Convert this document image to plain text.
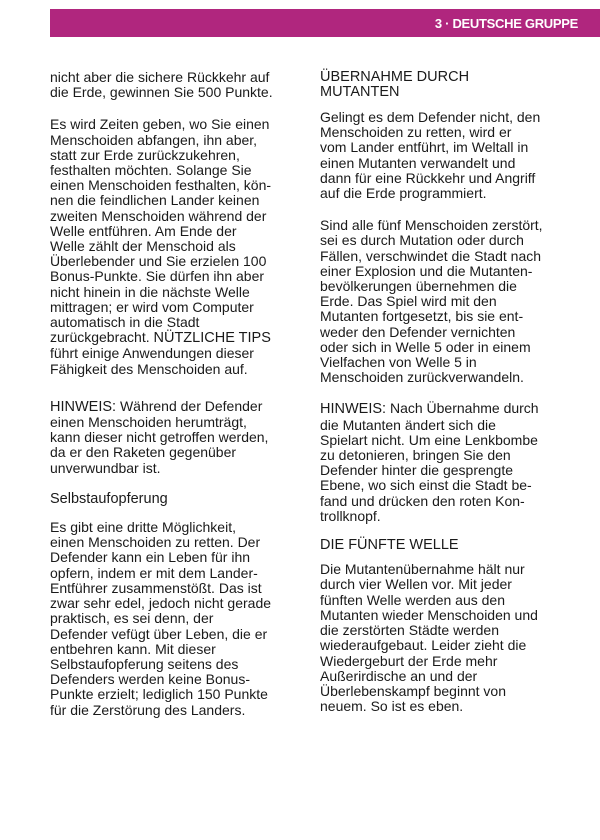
3 · DEUTSCHE GRUPPE

nicht aber die sichere Rückkehr auf
die Erde, gewinnen Sie 500 Punkte.

Es wird Zeiten geben, wo Sie einen
Menschoiden abfangen, ihn aber,
statt zur Erde zurückzukehren,
festhalten möchten. Solange Sie
einen Menschoiden festhalten, kön-
nen die feindlichen Lander keinen
zweiten Menschoiden während der
Welle entführen. Am Ende der
Welle zählt der Menschoid als
Überlebender und Sie erzielen 100
Bonus-Punkte. Sie dürfen ihn aber
nicht hinein in die nächste Welle
mittragen; er wird vom Computer
automatisch in die Stadt
zurückgebracht. NÜTZLICHE TIPS
führt einige Anwendungen dieser
Fähigkeit des Menschoiden auf.

HINWEIS: Während der Defender
einen Menschoiden herumträgt,
kann dieser nicht getroffen werden,
da er den Raketen gegenüber
unverwundbar ist.

Selbstaufopferung

Es gibt eine dritte Möglichkeit,
einen Menschoiden zu retten. Der
Defender kann ein Leben für ihn
opfern, indem er mit dem Lander-
Entführer zusammenstößt. Das ist
zwar sehr edel, jedoch nicht gerade
praktisch, es sei denn, der
Defender vefügt über Leben, die er
entbehren kann. Mit dieser
Selbstaufopferung seitens des
Defenders werden keine Bonus-
Punkte erzielt; lediglich 150 Punkte
für die Zerstörung des Landers.

ÜBERNAHME DURCH
MUTANTEN

Gelingt es dem Defender nicht, den
Menschoiden zu retten, wird er
vom Lander entführt, im Weltall in
einen Mutanten verwandelt und
dann für eine Rückkehr und Angriff
auf die Erde programmiert.

Sind alle fünf Menschoiden zerstört,
sei es durch Mutation oder durch
Fällen, verschwindet die Stadt nach
einer Explosion und die Mutanten-
bevölkerungen übernehmen die
Erde. Das Spiel wird mit den
Mutanten fortgesetzt, bis sie ent-
weder den Defender vernichten
oder sich in Welle 5 oder in einem
Vielfachen von Welle 5 in
Menschoiden zurückverwandeln.

HINWEIS: Nach Übernahme durch
die Mutanten ändert sich die
Spielart nicht. Um eine Lenkbombe
zu detonieren, bringen Sie den
Defender hinter die gesprengte
Ebene, wo sich einst die Stadt be-
fand und drücken den roten Kon-
trollknopf.

DIE FÜNFTE WELLE

Die Mutantenübernahme hält nur
durch vier Wellen vor. Mit jeder
fünften Welle werden aus den
Mutanten wieder Menschoiden und
die zerstörten Städte werden
wiederaufgebaut. Leider zieht die
Wiedergeburt der Erde mehr
Außerirdische an und der
Überlebenskampf beginnt von
neuem. So ist es eben.
